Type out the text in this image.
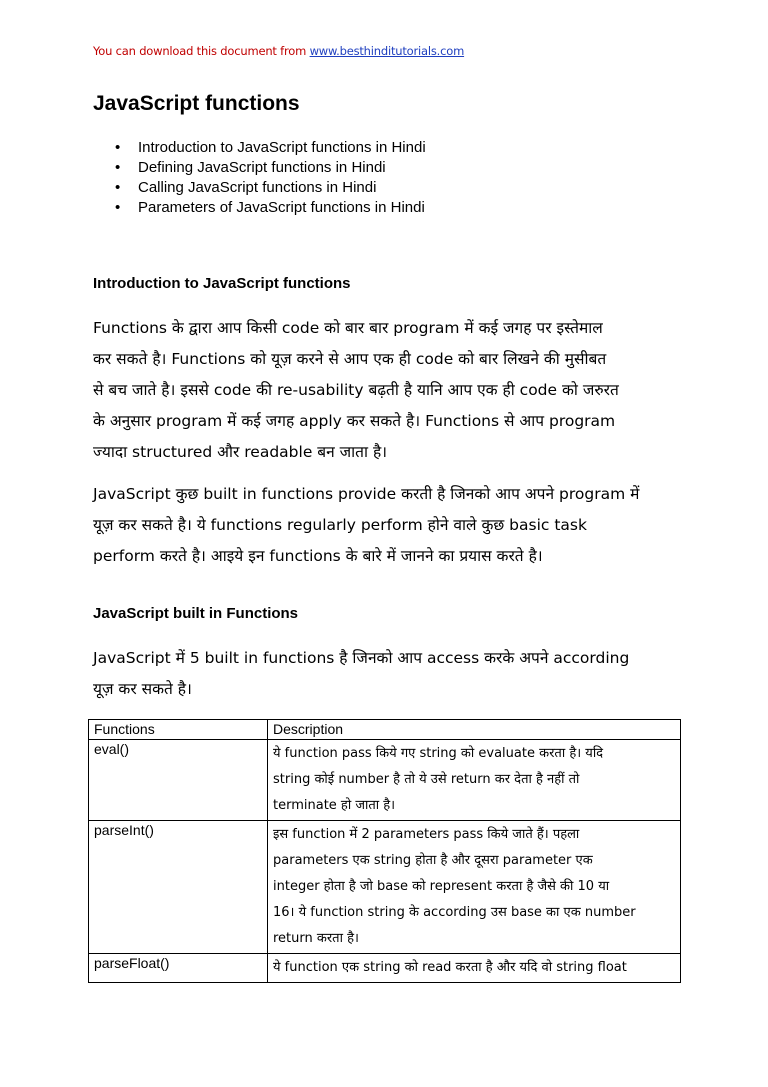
You can download this document from www.besthinditutorials.com
JavaScript functions
• Introduction to JavaScript functions in Hindi
• Defining JavaScript functions in Hindi
• Calling JavaScript functions in Hindi
• Parameters of JavaScript functions in Hindi
Introduction to JavaScript functions
Functions के द्वारा आप किसी code को बार बार program में कई जगह पर इस्तेमाल
कर सकते है। Functions को यूज़ करने से आप एक ही code को बार लिखने की मुसीबत
से बच जाते है। इससे code की re-usability बढ़ती है यानि आप एक ही code को जरुरत
के अनुसार program में कई जगह apply कर सकते है। Functions से आप program
ज्यादा structured और readable बन जाता है।
JavaScript कुछ built in functions provide करती है जिनको आप अपने program में
यूज़ कर सकते है। ये functions regularly perform होने वाले कुछ basic task
perform करते है। आइये इन functions के बारे में जानने का प्रयास करते है।
JavaScript built in Functions
JavaScript में 5 built in functions है जिनको आप access करके अपने according
यूज़ कर सकते है।
Functions	Description
eval()	ये function pass किये गए string को evaluate करता है। यदि
string कोई number है तो ये उसे return कर देता है नहीं तो
terminate हो जाता है।

parseInt()	इस function में 2 parameters pass किये जाते हैं। पहला
parameters एक string होता है और दूसरा parameter एक
integer होता है जो base को represent करता है जैसे की 10 या
16। ये function string के according उस base का एक number
return करता है।

parseFloat()	ये function एक string को read करता है और यदि वो string float
